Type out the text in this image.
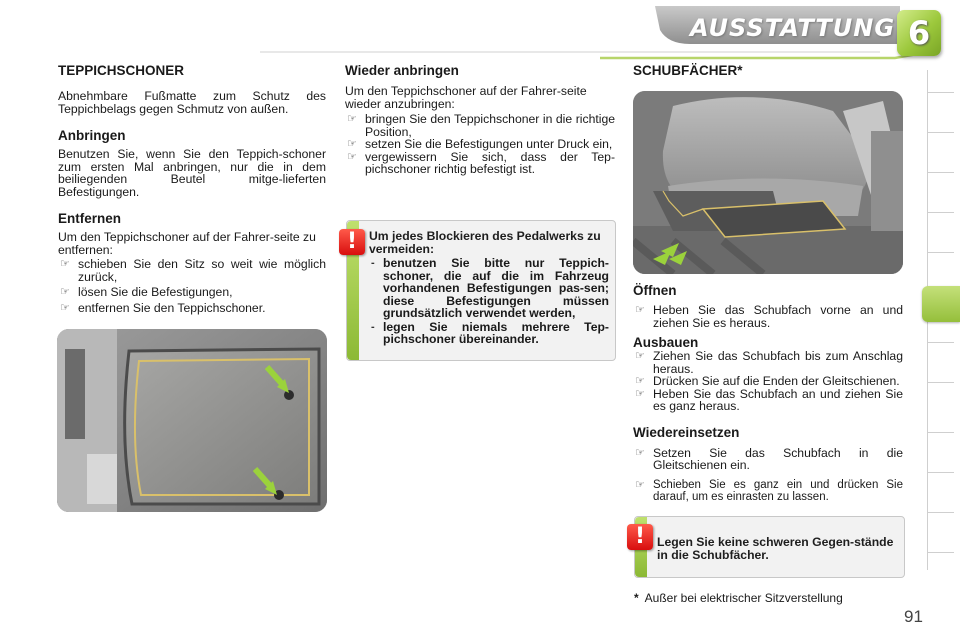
AUSSTATTUNG 6
TEPPICHSCHONER

Abnehmbare Fußmatte zum Schutz des Teppichbelags gegen Schmutz von außen.

Anbringen

Benutzen Sie, wenn Sie den Teppich-schoner zum ersten Mal anbringen, nur die in dem beiliegenden Beutel mitge-lieferten Befestigungen.

Entfernen

Um den Teppichschoner auf der Fahrer-seite zu entfernen:

☞ schieben Sie den Sitz so weit wie möglich zurück,
☞ lösen Sie die Befestigungen,
☞ entfernen Sie den Teppichschoner.
Wieder anbringen

Um den Teppichschoner auf der Fahrer-seite wieder anzubringen:

☞ bringen Sie den Teppichschoner in die richtige Position,
☞ setzen Sie die Befestigungen unter Druck ein,
☞ vergewissern Sie sich, dass der Tep-pichschoner richtig befestigt ist.

Um jedes Blockieren des Pedalwerks zu vermeiden:

- benutzen Sie bitte nur Teppich-schoner, die auf die im Fahrzeug vorhandenen Befestigungen pas-sen; diese Befestigungen müssen grundsätzlich verwendet werden,
- legen Sie niemals mehrere Tep-pichschoner übereinander.
!
SCHUBFÄCHER*
Öffnen
☞ Heben Sie das Schubfach vorne an und ziehen Sie es heraus.
Ausbauen
☞ Ziehen Sie das Schubfach bis zum Anschlag heraus.
☞ Drücken Sie auf die Enden der Gleitschienen.
☞ Heben Sie das Schubfach an und ziehen Sie es ganz heraus.
Wiedereinsetzen
☞ Setzen Sie das Schubfach in die Gleitschienen ein.
☞ Schieben Sie es ganz ein und drücken Sie darauf, um es einrasten zu lassen.

Legen Sie keine schweren Gegen-stände in die Schubfächer.

!
* Außer bei elektrischer Sitzverstellung
91
